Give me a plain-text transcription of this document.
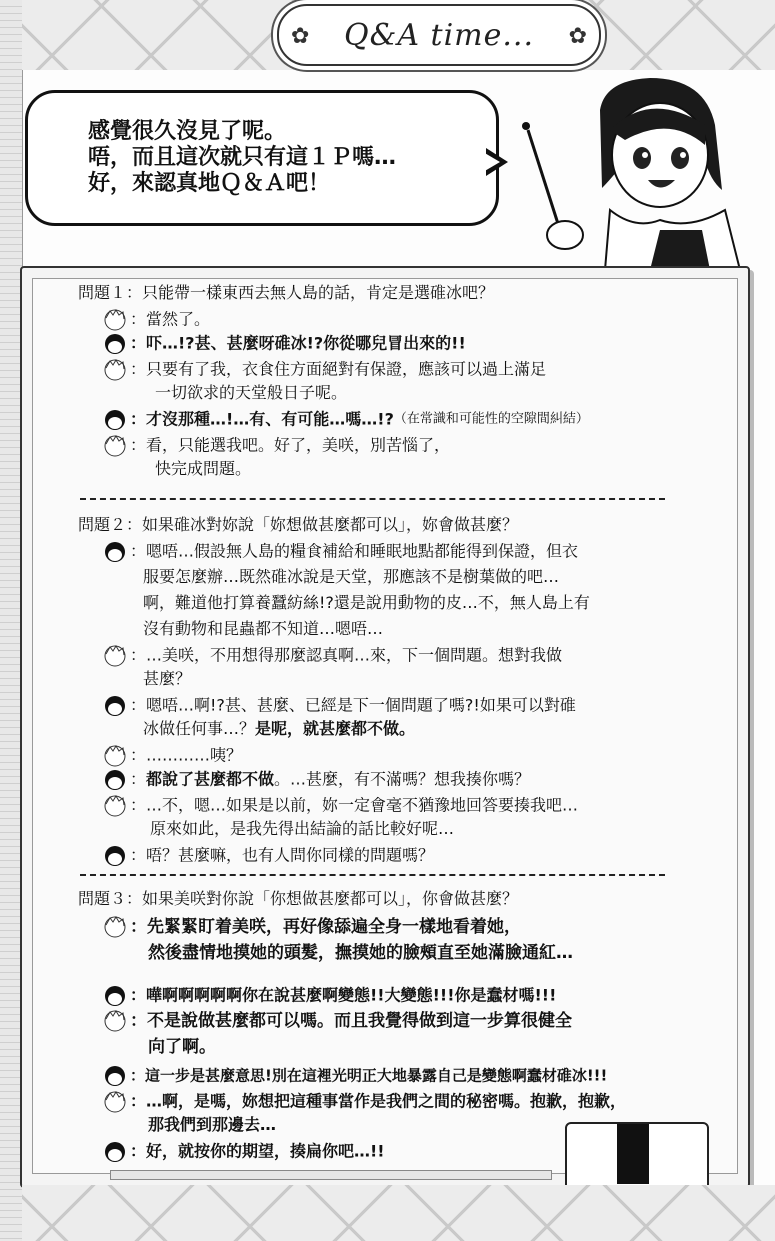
✿	Q&A time...	✿
感覺很久沒見了呢。
唔，而且這次就只有這１Ｐ嗎…
好，來認真地Ｑ＆Ａ吧！
問題１：只能帶一樣東西去無人島的話，肯定是選碓冰吧？
：當然了。
：吓…!?甚、甚麼呀碓冰!?你從哪兒冒出來的!!
：只要有了我，衣食住方面絕對有保證，應該可以過上滿足
一切欲求的天堂般日子呢。
：才沒那種…!…有、有可能…嗎…!?（在常識和可能性的空隙間糾結）
：看，只能選我吧。好了，美咲，別苦惱了，
快完成問題。
問題２：如果碓冰對妳說「妳想做甚麼都可以」，妳會做甚麼？
：嗯唔…假設無人島的糧食補給和睡眠地點都能得到保證，但衣
服要怎麼辦…既然碓冰說是天堂，那應該不是樹葉做的吧…
啊，難道他打算養蠶紡絲!?還是說用動物的皮…不，無人島上有
沒有動物和昆蟲都不知道…嗯唔…
：…美咲，不用想得那麼認真啊…來，下一個問題。想對我做
甚麼？
：嗯唔…啊!?甚、甚麼、已經是下一個問題了嗎?!如果可以對碓
冰做任何事…？是呢，就甚麼都不做。
：…………咦？
：都說了甚麼都不做。…甚麼，有不滿嗎？想我揍你嗎？
：…不，嗯…如果是以前，妳一定會毫不猶豫地回答要揍我吧…
原來如此，是我先得出結論的話比較好呢…
：唔？甚麼嘛，也有人問你同樣的問題嗎？
問題３：如果美咲對你說「你想做甚麼都可以」，你會做甚麼？
：先緊緊盯着美咲，再好像舔遍全身一樣地看着她，
然後盡情地摸她的頭髮，撫摸她的臉頰直至她滿臉通紅…
：嘩啊啊啊啊啊你在說甚麼啊變態!!大變態!!!你是蠢材嗎!!!
：不是說做甚麼都可以嗎。而且我覺得做到這一步算很健全
向了啊。
：這一步是甚麼意思!別在這裡光明正大地暴露自己是變態啊蠢材碓冰!!!
：…啊，是嗎，妳想把這種事當作是我們之間的秘密嗎。抱歉，抱歉，
那我們到那邊去…
：好，就按你的期望，揍扁你吧…!!
